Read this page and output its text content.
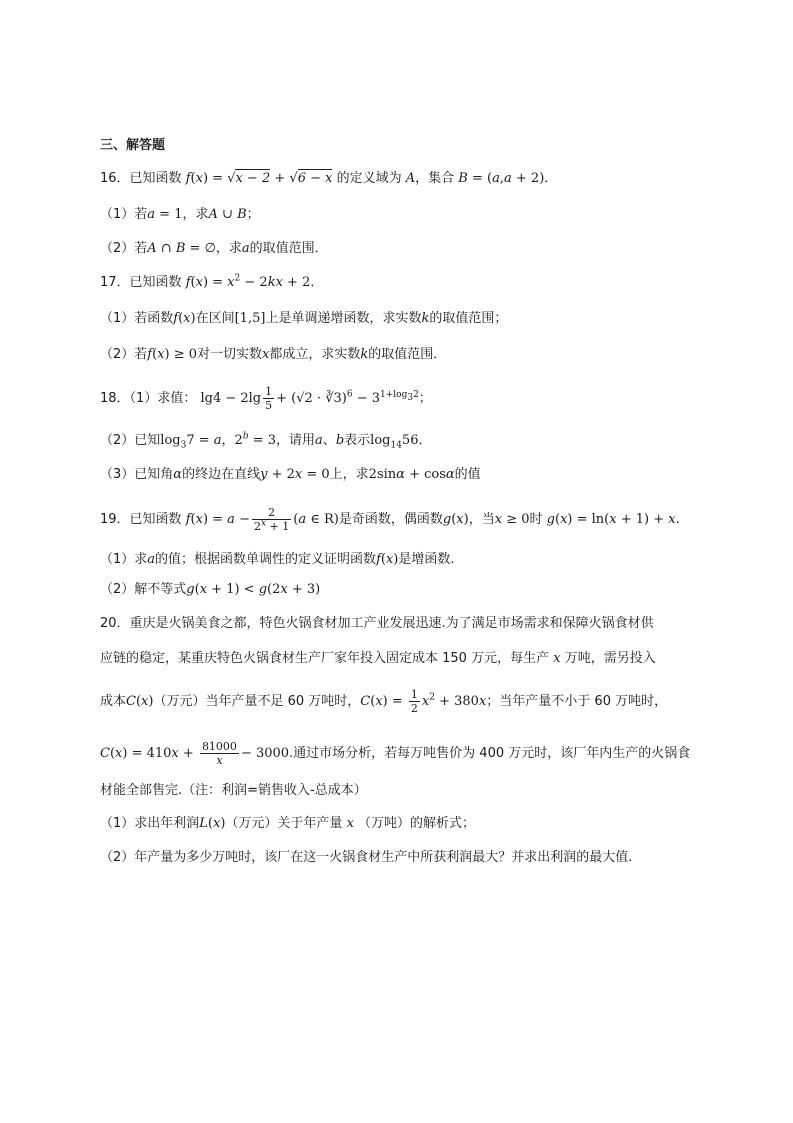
三、解答题
16．已知函数 f(x) = √x − 2 + √6 − x 的定义域为 A，集合 B = (a,a + 2)．
（1）若a = 1，求A ∪ B；
（2）若A ∩ B = ∅，求a的取值范围．
17．已知函数 $f(x) = x^2 - 2kx + 2$．
（1）若函数f(x)在区间[1,5]上是单调递增函数，求实数k的取值范围；
（2）若f(x) ≥ 0对一切实数x都成立，求实数k的取值范围．
18．（1）求值： $\lg 4 - 2\lg \frac{1}{5} + (√2$ · ∛3)$^6$ − $3^{1+log_32}$；
（2）已知$\log_37 = a$，$2^b = 3$，请用a、b表示$\log_{14}56$．
（3）已知角α的终边在直线y + 2x = 0上，求2sinα + cosα的值
19．已知函数 $f(x) = a - \frac{2}{2^x + 1} (a$ ∈ R)是奇函数，偶函数g(x)，当x ≥ 0时 g(x) = ln(x + 1) + x.
（1）求a的值；根据函数单调性的定义证明函数f(x)是增函数.
（2）解不等式g(x + 1) < g(2x + 3)
20．重庆是火锅美食之都，特色火锅食材加工产业发展迅速.为了满足市场需求和保障火锅食材供
应链的稳定，某重庆特色火锅食材生产厂家年投入固定成本 150 万元，每生产 x 万吨，需另投入
成本C(x)（万元）当年产量不足 60 万吨时，$C(x) = \frac{1}{2} x^2 + 380x$；当年产量不小于 60 万吨时，
$C(x) = 410x + \frac{81000}{x} - 3000$.通过市场分析，若每万吨售价为 400 万元时，该厂年内生产的火锅食
材能全部售完.（注：利润=销售收入-总成本）
（1）求出年利润L(x)（万元）关于年产量 x （万吨）的解析式；
（2）年产量为多少万吨时，该厂在这一火锅食材生产中所获利润最大？并求出利润的最大值.
